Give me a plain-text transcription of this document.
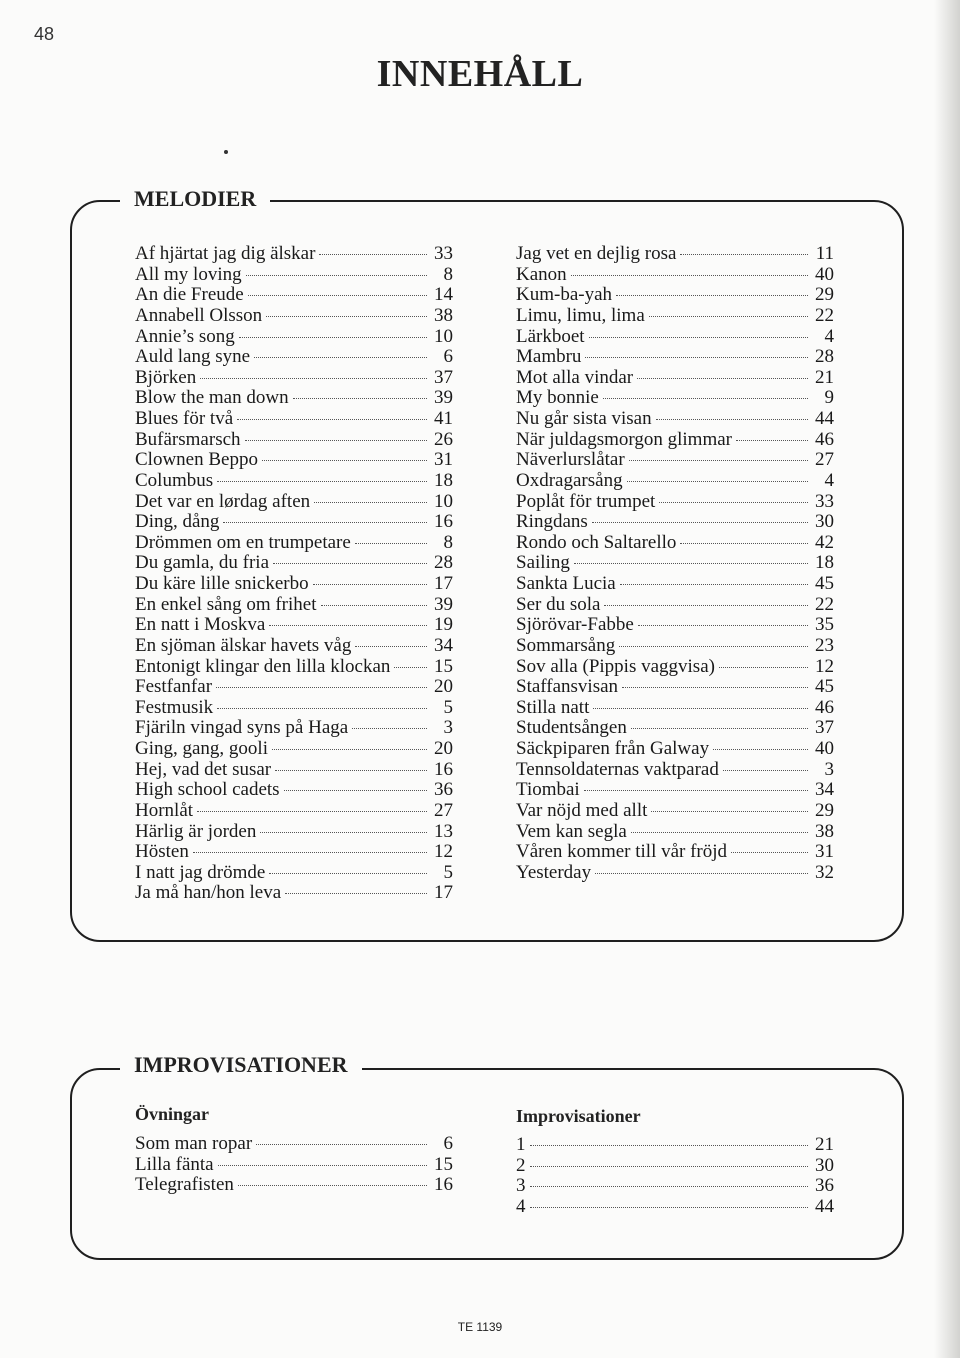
48
INNEHÅLL
MELODIER
Af hjärtat jag dig älskar	33
All my loving	8
An die Freude	14
Annabell Olsson	38
Annie’s song	10
Auld lang syne	6
Björken	37
Blow the man down	39
Blues för två	41
Bufärsmarsch	26
Clownen Beppo	31
Columbus	18
Det var en lørdag aften	10
Ding, dång	16
Drömmen om en trumpetare	8
Du gamla, du fria	28
Du käre lille snickerbo	17
En enkel sång om frihet	39
En natt i Moskva	19
En sjöman älskar havets våg	34
Entonigt klingar den lilla klockan 15
Festfanfar	20
Festmusik	5
Fjäriln vingad syns på Haga	3
Ging, gang, gooli	20
Hej, vad det susar	16
High school cadets	36
Hornlåt	27
Härlig är jorden	13
Hösten	12
I natt jag drömde	5
Ja må han/hon leva	17
Jag vet en dejlig rosa	11
Kanon	40
Kum-ba-yah	29
Limu, limu, lima	22
Lärkboet	4
Mambru	28
Mot alla vindar	21
My bonnie	9
Nu går sista visan	44
När juldagsmorgon glimmar	46
Näverlurslåtar	27
Oxdragarsång	4
Poplåt för trumpet	33
Ringdans	30
Rondo och Saltarello	42
Sailing	18
Sankta Lucia	45
Ser du sola	22
Sjörövar-Fabbe	35
Sommarsång	23
Sov alla (Pippis vaggvisa)	12
Staffansvisan	45
Stilla natt	46
Studentsången	37
Säckpiparen från Galway	40
Tennsoldaternas vaktparad	3
Tiombai	34
Var nöjd med allt	29
Vem kan segla	38
Våren kommer till vår fröjd	31
Yesterday	32
IMPROVISATIONER
Övningar	Improvisationer
Som man ropar	6
Lilla fänta	15
Telegrafisten	16
1	21
2	30
3	36
4	44
TE 1139
